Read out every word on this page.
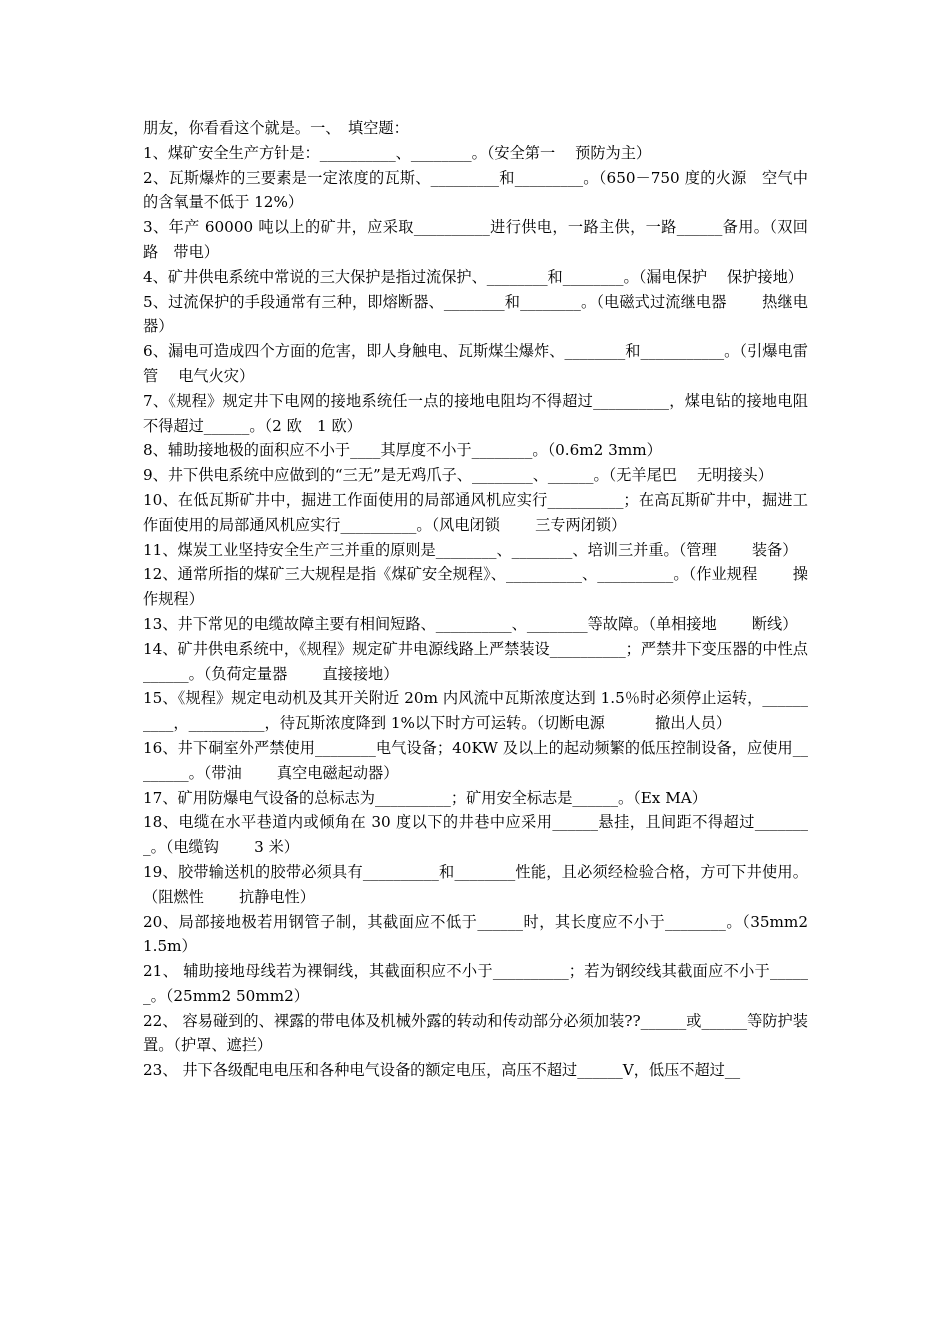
朋友，你看看这个就是。一、　填空题：

1、煤矿安全生产方针是：__________、________。（安全第一　 预防为主）

2、瓦斯爆炸的三要素是一定浓度的瓦斯、_________和_________。（650－750 度的火源　空气中的含氧量不低于 12%）

3、年产 60000 吨以上的矿井，应采取__________进行供电，一路主供，一路______备用。（双回路　带电）

4、矿井供电系统中常说的三大保护是指过流保护、________和________。（漏电保护　 保护接地）

5、过流保护的手段通常有三种，即熔断器、________和________。（电磁式过流继电器　　 热继电器）

6、漏电可造成四个方面的危害，即人身触电、瓦斯煤尘爆炸、________和___________。（引爆电雷管　 电气火灾）

7、《规程》规定井下电网的接地系统任一点的接地电阻均不得超过__________，煤电钻的接地电阻不得超过______。（2 欧　1 欧）

8、辅助接地极的面积应不小于____其厚度不小于________。（0.6m2 3mm）

9、井下供电系统中应做到的“三无”是无鸡爪子、________、______。（无羊尾巴　 无明接头）

10、在低瓦斯矿井中，掘进工作面使用的局部通风机应实行__________；在高瓦斯矿井中，掘进工作面使用的局部通风机应实行__________。（风电闭锁　　 三专两闭锁）

11、煤炭工业坚持安全生产三并重的原则是________、________、培训三并重。（管理　　 装备）

12、通常所指的煤矿三大规程是指《煤矿安全规程》、__________、__________。（作业规程　　 操作规程）

13、井下常见的电缆故障主要有相间短路、__________、________等故障。（单相接地　　 断线）

14、矿井供电系统中，《规程》规定矿井电源线路上严禁装设__________；严禁井下变压器的中性点______。（负荷定量器　　 直接接地）

15、《规程》规定电动机及其开关附近 20m 内风流中瓦斯浓度达到 1.5％时必须停止运转，__________，__________，待瓦斯浓度降到 1%以下时方可运转。（切断电源　　　 撤出人员）

16、井下硐室外严禁使用________电气设备；40KW 及以上的起动频繁的低压控制设备，应使用________。（带油　　 真空电磁起动器）

17、矿用防爆电气设备的总标志为__________；矿用安全标志是______。（Ex MA）

18、电缆在水平巷道内或倾角在 30 度以下的井巷中应采用______悬挂，且间距不得超过________。（电缆钩　　 3 米）

19、胶带输送机的胶带必须具有__________和________性能，且必须经检验合格，方可下井使用。（阻燃性　　 抗静电性）

20、局部接地极若用钢管子制，其截面应不低于______时，其长度应不小于________。（35mm2 1.5m）

21、 辅助接地母线若为裸铜线，其截面积应不小于__________；若为钢绞线其截面应不小于______。（25mm2 50mm2）

22、 容易碰到的、裸露的带电体及机械外露的转动和传动部分必须加装??______或______等防护装置。（护罩、遮拦）

23、 井下各级配电电压和各种电气设备的额定电压，高压不超过______V，低压不超过__
